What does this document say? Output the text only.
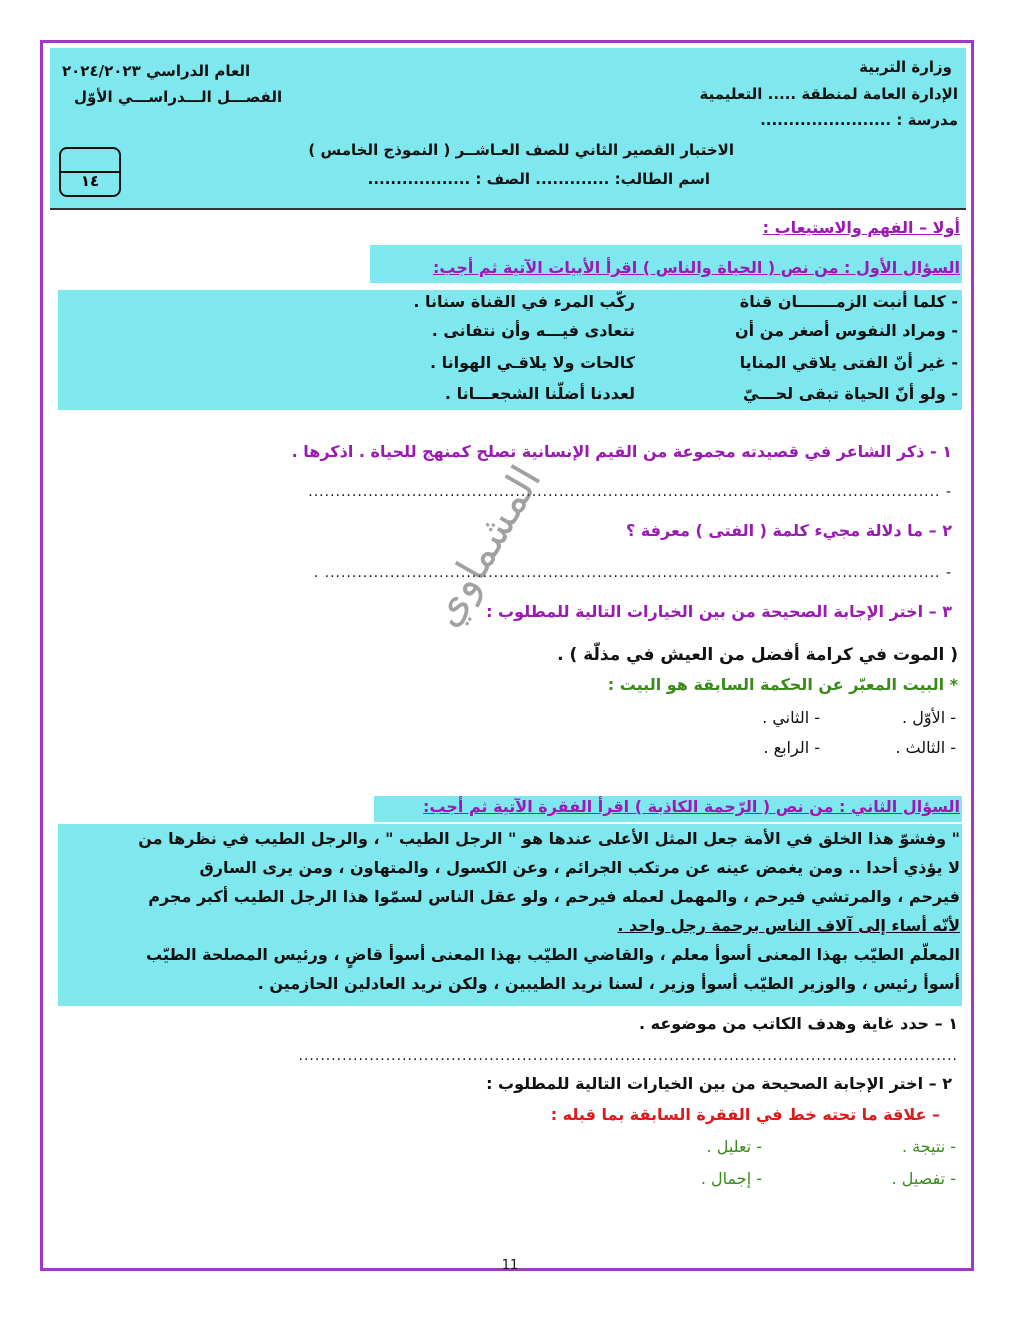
وزارة التربية
العام الدراسي ٢٠٢٤/٢٠٢٣
الإدارة العامة لمنطقة ..... التعليمية
الفصـــل الـــدراســـي الأوّل
مدرسة : .......................
الاختبار القصير الثاني للصف العـاشــر ( النموذج الخامس )
اسم الطالب: ............. الصف : ..................
١٤
أولا – الفهم والاستيعاب :
السؤال الأول : من نص ( الحياة والناس ) اقرأ الأبيات الآتية ثم أجب:
- كلما أنبت الزمـــــــان قناة
ركّب المرء في القناة سنانا .
- ومراد النفوس أصغر من أن
نتعادى فيـــه وأن نتفانى .
- غير أنّ الفتى يلاقي المنايا
كالحات ولا يلاقـي الهوانا .
- ولو أنّ الحياة تبقى لحـــيّ
لعددنا أضلّنا الشجعـــانا .
١ - ذكر الشاعر في قصيدته مجموعة من القيم الإنسانية تصلح كمنهج للحياة . اذكرها .
- ....................................................................................................................
٢ – ما دلالة مجيء كلمة ( الفتى ) معرفة ؟
- ................................................................................................................. .
٣ – اختر الإجابة الصحيحة من بين الخيارات التالية للمطلوب :
( الموت في كرامة أفضل من العيش في مذلّة ) .
* البيت المعبّر عن الحكمة السابقة هو البيت :
- الأوّل .
- الثاني .
- الثالث .
- الرابع .
المشماوي
السؤال الثاني : من نص ( الرّحمة الكاذبة ) اقرأ الفقرة الآتية ثم أجب:
" وفشوّ هذا الخلق في الأمة جعل المثل الأعلى عندها هو " الرجل الطيب " ، والرجل الطيب في نظرها من
لا يؤذي أحدا .. ومن يغمض عينه عن مرتكب الجرائم ، وعن الكسول ، والمتهاون ، ومن يرى السارق
فيرحم ، والمرتشي فيرحم ، والمهمل لعمله فيرحم ، ولو عقل الناس لسمّوا هذا الرجل الطيب أكبر مجرم
لأنّه أساء إلى آلاف الناس برحمة رجل واحد .
المعلّم الطيّب بهذا المعنى أسوأ معلم ، والقاضي الطيّب بهذا المعنى أسوأ قاضٍ ، ورئيس المصلحة الطيّب
أسوأ رئيس ، والوزير الطيّب أسوأ وزير ، لسنا نريد الطيبين ، ولكن نريد العادلين الحازمين .
١ – حدد غاية وهدف الكاتب من موضوعه .
.........................................................................................................................
٢ – اختر الإجابة الصحيحة من بين الخيارات التالية للمطلوب :
– علاقة ما تحته خط في الفقرة السابقة بما قبله :
- نتيجة .
- تعليل .
- تفصيل .
- إجمال .
11
